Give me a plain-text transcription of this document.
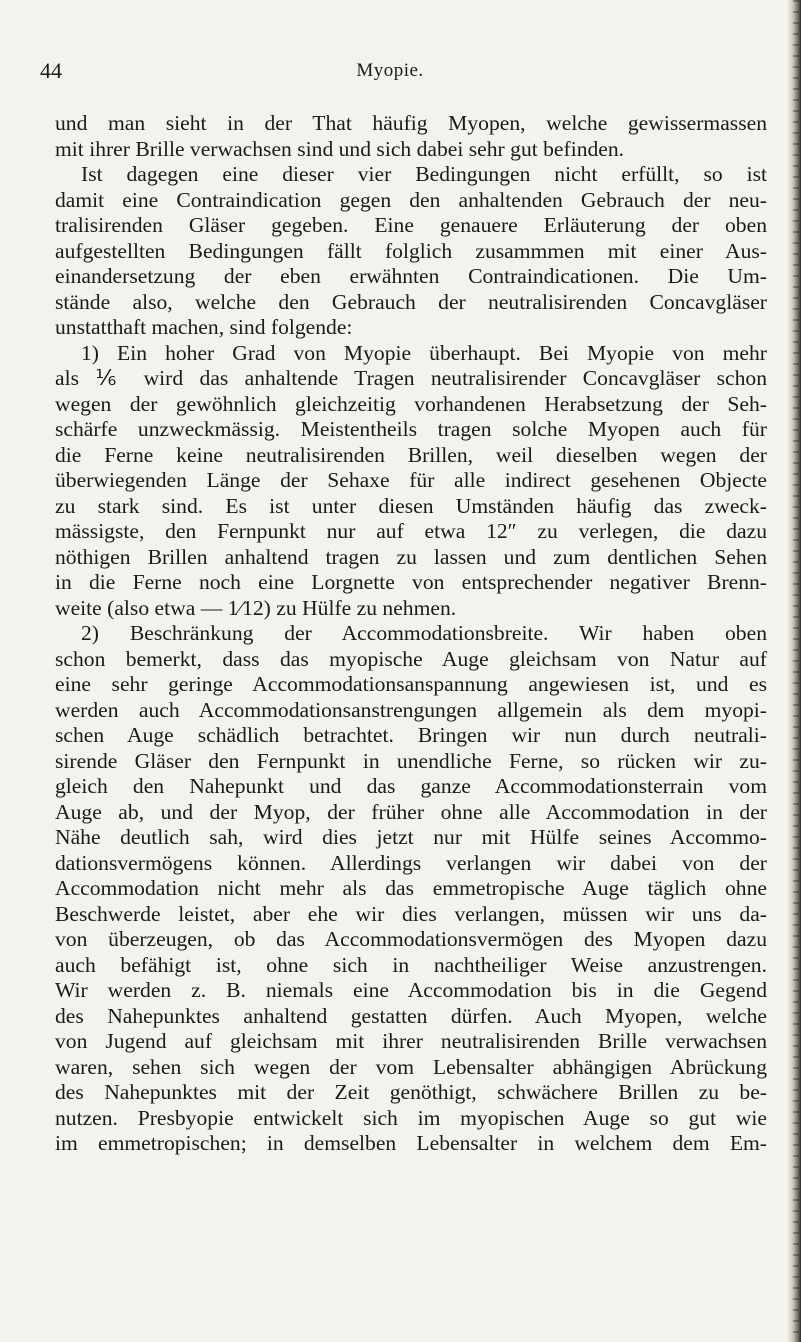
44	Myopie.
und man sieht in der That häufig Myopen, welche gewissermassen
mit ihrer Brille verwachsen sind und sich dabei sehr gut befinden.
Ist dagegen eine dieser vier Bedingungen nicht erfüllt, so ist
damit eine Contraindication gegen den anhaltenden Gebrauch der neu-
tralisirenden Gläser gegeben. Eine genauere Erläuterung der oben
aufgestellten Bedingungen fällt folglich zusammmen mit einer Aus-
einandersetzung der eben erwähnten Contraindicationen. Die Um-
stände also, welche den Gebrauch der neutralisirenden Concavgläser
unstatthaft machen, sind folgende:
1) Ein hoher Grad von Myopie überhaupt. Bei Myopie von mehr
als ⅙ wird das anhaltende Tragen neutralisirender Concavgläser schon
wegen der gewöhnlich gleichzeitig vorhandenen Herabsetzung der Seh-
schärfe unzweckmässig. Meistentheils tragen solche Myopen auch für
die Ferne keine neutralisirenden Brillen, weil dieselben wegen der
überwiegenden Länge der Sehaxe für alle indirect gesehenen Objecte
zu stark sind. Es ist unter diesen Umständen häufig das zweck-
mässigste, den Fernpunkt nur auf etwa 12″ zu verlegen, die dazu
nöthigen Brillen anhaltend tragen zu lassen und zum dentlichen Sehen
in die Ferne noch eine Lorgnette von entsprechender negativer Brenn-
weite (also etwa — 1⁄12) zu Hülfe zu nehmen.
2) Beschränkung der Accommodationsbreite. Wir haben oben
schon bemerkt, dass das myopische Auge gleichsam von Natur auf
eine sehr geringe Accommodationsanspannung angewiesen ist, und es
werden auch Accommodationsanstrengungen allgemein als dem myopi-
schen Auge schädlich betrachtet. Bringen wir nun durch neutrali-
sirende Gläser den Fernpunkt in unendliche Ferne, so rücken wir zu-
gleich den Nahepunkt und das ganze Accommodationsterrain vom
Auge ab, und der Myop, der früher ohne alle Accommodation in der
Nähe deutlich sah, wird dies jetzt nur mit Hülfe seines Accommo-
dationsvermögens können. Allerdings verlangen wir dabei von der
Accommodation nicht mehr als das emmetropische Auge täglich ohne
Beschwerde leistet, aber ehe wir dies verlangen, müssen wir uns da-
von überzeugen, ob das Accommodationsvermögen des Myopen dazu
auch befähigt ist, ohne sich in nachtheiliger Weise anzustrengen.
Wir werden z. B. niemals eine Accommodation bis in die Gegend
des Nahepunktes anhaltend gestatten dürfen. Auch Myopen, welche
von Jugend auf gleichsam mit ihrer neutralisirenden Brille verwachsen
waren, sehen sich wegen der vom Lebensalter abhängigen Abrückung
des Nahepunktes mit der Zeit genöthigt, schwächere Brillen zu be-
nutzen. Presbyopie entwickelt sich im myopischen Auge so gut wie
im emmetropischen; in demselben Lebensalter in welchem dem Em-
